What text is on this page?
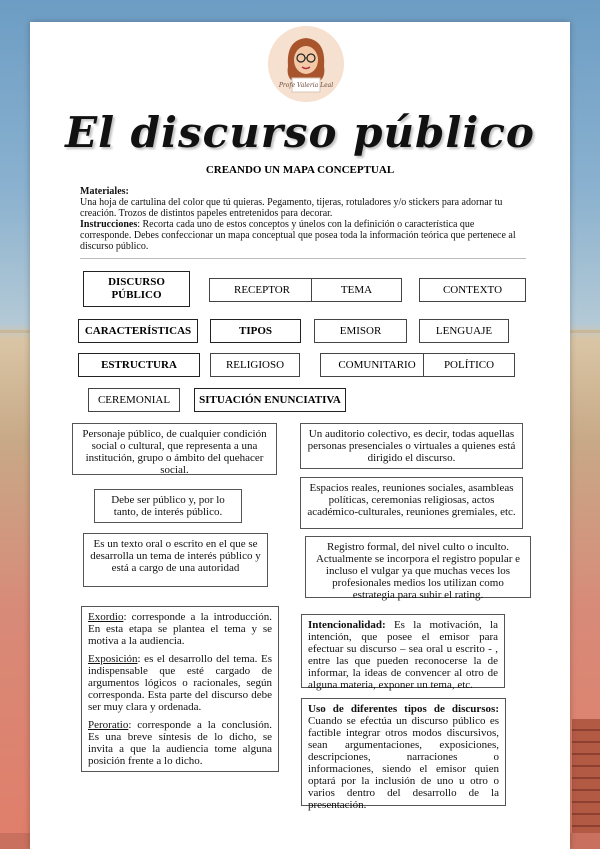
Profe Valeria Leal
El discurso público
CREANDO UN MAPA CONCEPTUAL
Materiales:
Una hoja de cartulina del color que tú quieras. Pegamento, tijeras, rotuladores y/o stickers para adornar tu creación. Trozos de distintos papeles entretenidos para decorar.
Instrucciones: Recorta cada uno de estos conceptos y únelos con la definición o característica que corresponde. Debes confeccionar un mapa conceptual que posea toda la información teórica que pertenece al discurso público.
DISCURSO PÚBLICO	RECEPTOR	TEMA	CONTEXTO
CARACTERÍSTICAS	TIPOS	EMISOR	LENGUAJE
ESTRUCTURA	RELIGIOSO	COMUNITARIO	POLÍTICO
CEREMONIAL	SITUACIÓN ENUNCIATIVA
Personaje público, de cualquier condición social o cultural, que representa a una institución, grupo o ámbito del quehacer social.
Un auditorio colectivo, es decir, todas aquellas personas presenciales o virtuales a quienes está dirigido el discurso.
Debe ser público y, por lo tanto, de interés público.
Espacios reales, reuniones sociales, asambleas políticas, ceremonias religiosas, actos académico-culturales, reuniones gremiales, etc.
Es un texto oral o escrito en el que se desarrolla un tema de interés público y está a cargo de una autoridad
Registro formal, del nivel culto o inculto. Actualmente se incorpora el registro popular e incluso el vulgar ya que muchas veces los profesionales medios los utilizan como estrategia para subir el rating.

Exordio: corresponde a la introducción. En esta etapa se plantea el tema y se motiva a la audiencia.

Exposición: es el desarrollo del tema. Es indispensable que esté cargado de argumentos lógicos o racionales, según corresponda. Esta parte del discurso debe ser muy clara y ordenada.

Peroratio: corresponde a la conclusión. Es una breve síntesis de lo dicho, se invita a que la audiencia tome alguna posición frente a lo dicho.

Intencionalidad: Es la motivación, la intención, que posee el emisor para efectuar su discurso – sea oral u escrito - , entre las que pueden reconocerse la de informar, la ideas de convencer al otro de alguna materia, exponer un tema, etc.
Uso de diferentes tipos de discursos: Cuando se efectúa un discurso público es factible integrar otros modos discursivos, sean argumentaciones, exposiciones, descripciones, narraciones o informaciones, siendo el emisor quien optará por la inclusión de uno u otro o varios dentro del desarrollo de la presentación.
